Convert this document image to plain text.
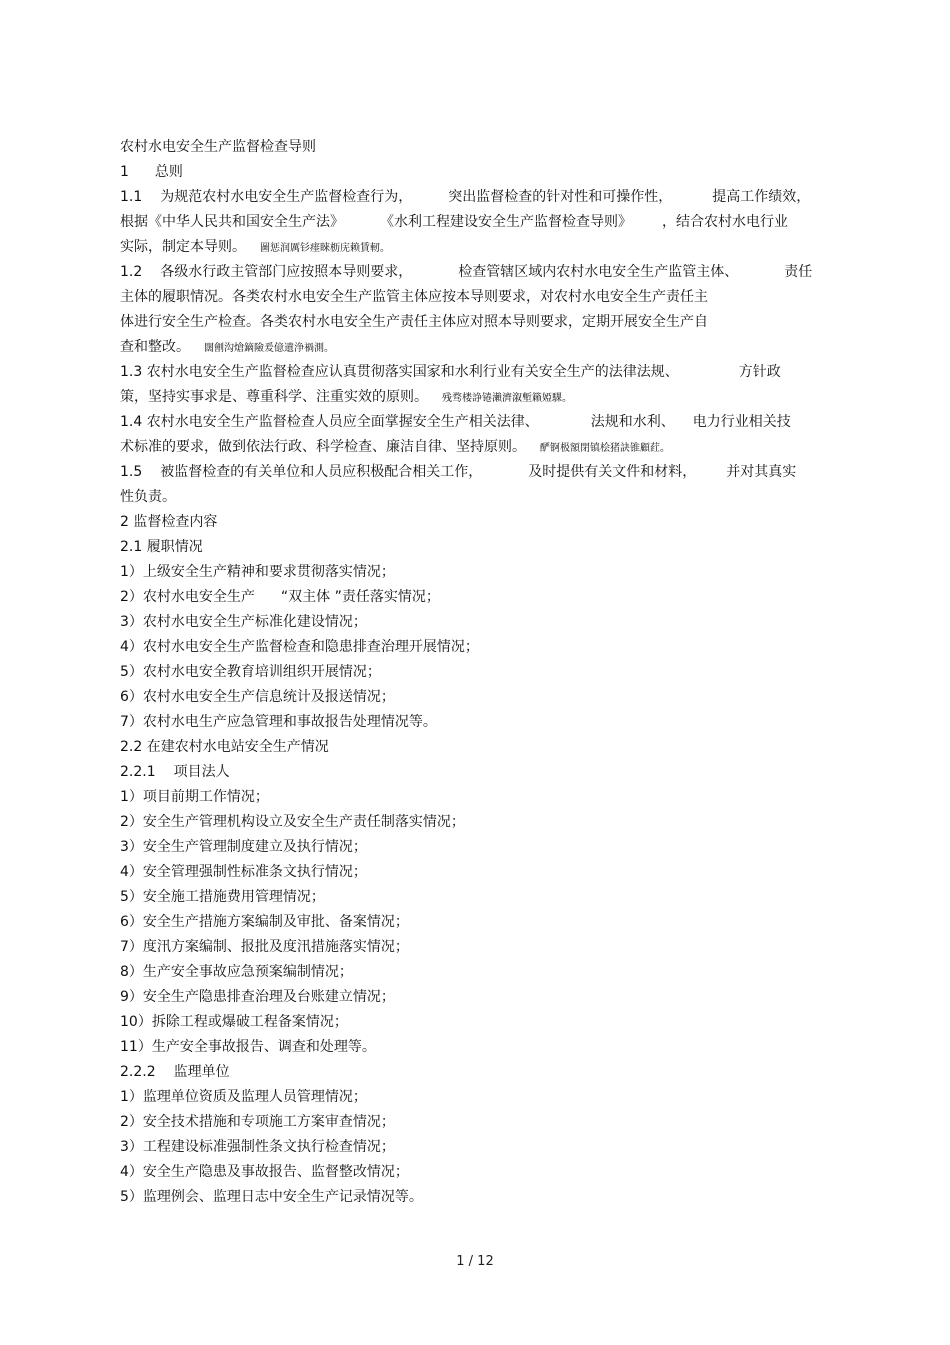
农村水电安全生产监督检查导则
1 总则
1.1 为规范农村水电安全生产监督检查行为，	突出监督检查的针对性和可操作性，	提高工作绩效，
根据《中华人民共和国安全生产法》	《水利工程建设安全生产监督检查导则》 ，结合农村水电行业
实际，制定本导则。 圖惩润厲钐瘗睞枥庑赖賃軔。
1.2 各级水行政主管部门应按照本导则要求，	检查管辖区域内农村水电安全生产监管主体、	责任
主体的履职情况。各类农村水电安全生产监管主体应按本导则要求，对农村水电安全生产责任主
体进行安全生产检查。各类农村水电安全生产责任主体应对照本导则要求，定期开展安全生产自
查和整改。 闊劊沟熗鏑險爰億遺浄禍測。
1.3 农村水电安全生产监督检查应认真贯彻落实国家和水利行业有关安全生产的法律法规、	方针政
策，坚持实事求是、尊重科学、注重实效的原则。 残骛楼諍锩瀨濟溆塹籟婭騍。
1.4 农村水电安全生产监督检查人员应全面掌握安全生产相关法律、	法规和水利、 电力行业相关技
术标准的要求，做到依法行政、科学检查、廉洁自律、坚持原则。 酽锕极額閉镇桧猪訣锥顧荭。
1.5 被监督检查的有关单位和人员应积极配合相关工作，	及时提供有关文件和材料， 并对其真实
性负责。
2 监督检查内容
2.1 履职情况
1）上级安全生产精神和要求贯彻落实情况；
2）农村水电安全生产 “双主体 ”责任落实情况；
3）农村水电安全生产标准化建设情况；
4）农村水电安全生产监督检查和隐患排查治理开展情况；
5）农村水电安全教育培训组织开展情况；
6）农村水电安全生产信息统计及报送情况；
7）农村水电生产应急管理和事故报告处理情况等。
2.2 在建农村水电站安全生产情况
2.2.1 项目法人
1）项目前期工作情况；
2）安全生产管理机构设立及安全生产责任制落实情况；
3）安全生产管理制度建立及执行情况；
4）安全管理强制性标准条文执行情况；
5）安全施工措施费用管理情况；
6）安全生产措施方案编制及审批、备案情况；
7）度汛方案编制、报批及度汛措施落实情况；
8）生产安全事故应急预案编制情况；
9）安全生产隐患排查治理及台账建立情况；
10）拆除工程或爆破工程备案情况；
11）生产安全事故报告、调查和处理等。
2.2.2 监理单位
1）监理单位资质及监理人员管理情况；
2）安全技术措施和专项施工方案审查情况；
3）工程建设标准强制性条文执行检查情况；
4）安全生产隐患及事故报告、监督整改情况；
5）监理例会、监理日志中安全生产记录情况等。
1 / 12
